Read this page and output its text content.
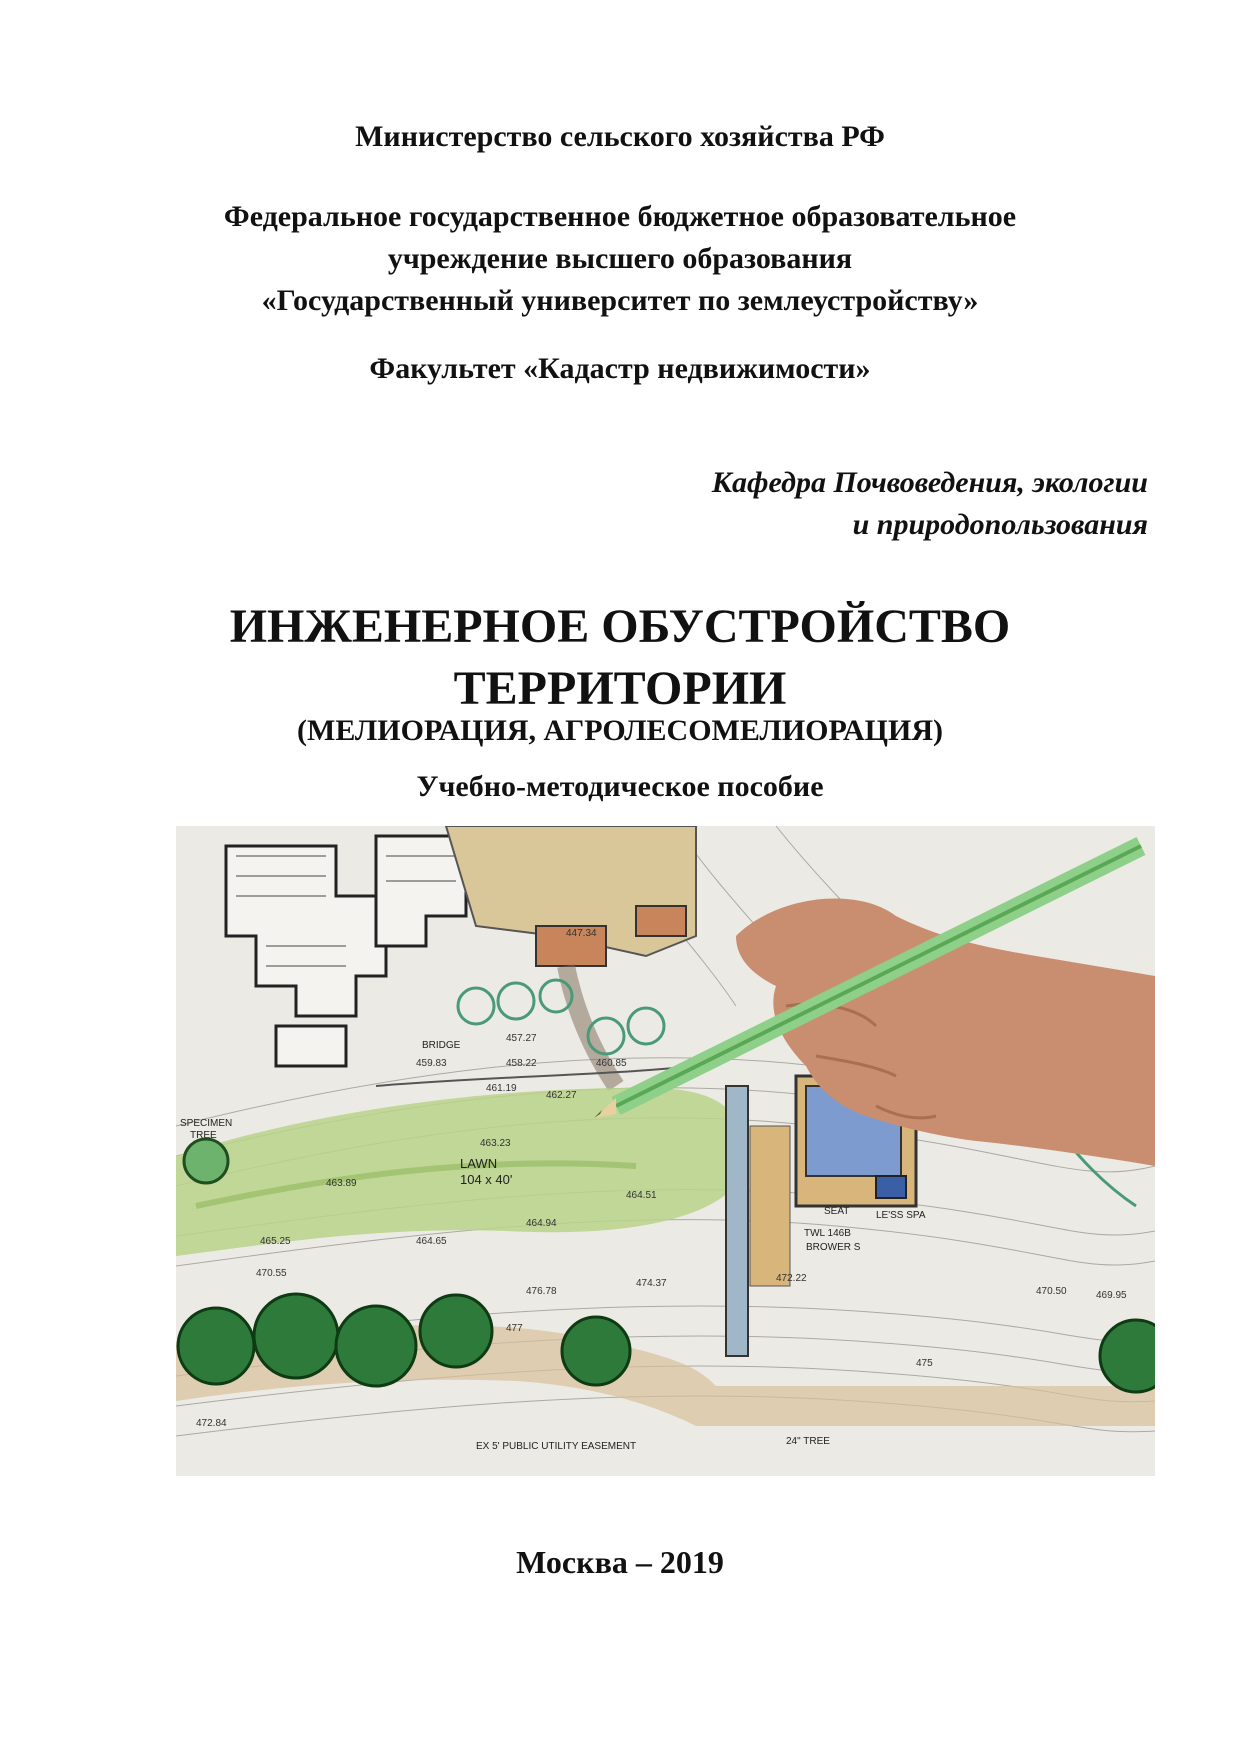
Министерство сельского хозяйства РФ
Федеральное государственное бюджетное образовательное
учреждение высшего образования
«Государственный университет по землеустройству»
Факультет «Кадастр недвижимости»
Кафедра Почвоведения, экологии
и природопользования
ИНЖЕНЕРНОЕ ОБУСТРОЙСТВО
ТЕРРИТОРИИ
(МЕЛИОРАЦИЯ, АГРОЛЕСОМЕЛИОРАЦИЯ)
Учебно-методическое пособие
LAWN
104 x 40'
SPECIMEN
TREE
BRIDGE
SEAT	LE'SS SPA
EX 5' PUBLIC UTILITY EASEMENT	24" TREE
TWL 146B
BROWER S
463.23
463.89
465.25	464.65
464.94
464.51
470.55
474.37
476.78
472.22
470.50	469.95
472.84
457.27
458.22
459.83
461.19
462.27
460.85
447.34
477
475
Москва – 2019
